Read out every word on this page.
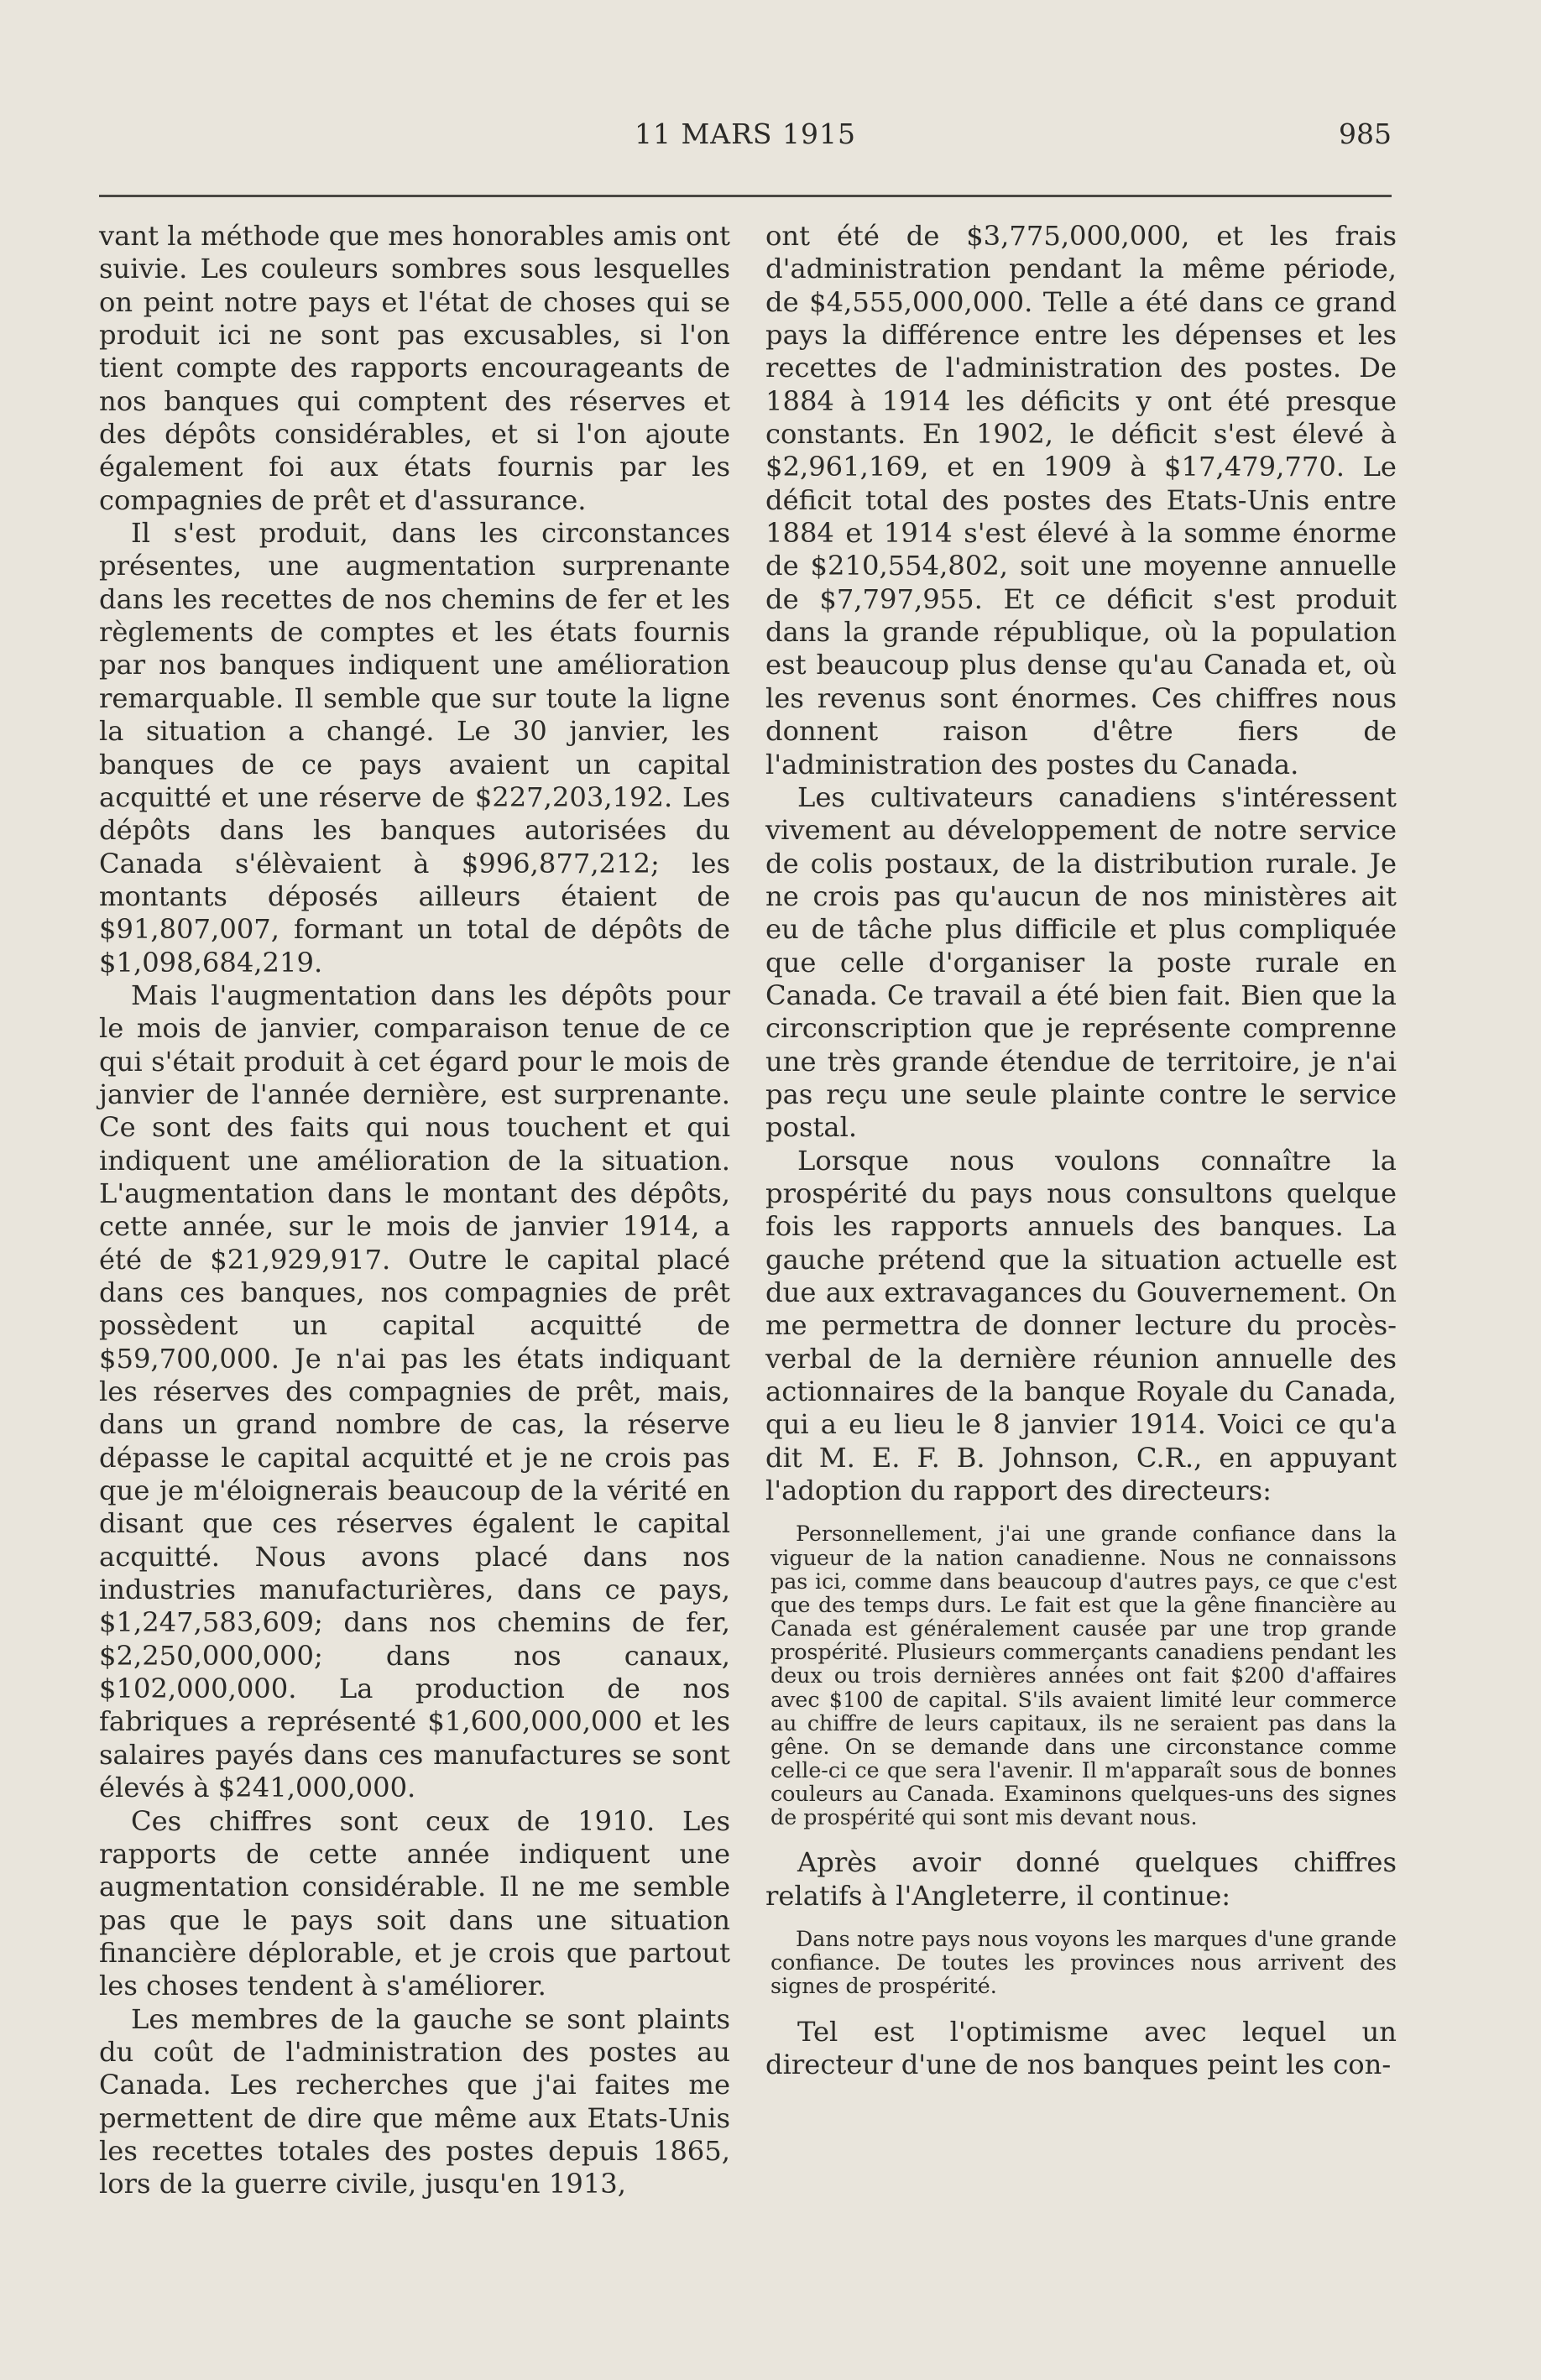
11 MARS 1915	985

vant la méthode que mes honorables amis ont suivie. Les couleurs sombres sous lesquelles on peint notre pays et l'état de choses qui se produit ici ne sont pas excusables, si l'on tient compte des rapports encourageants de nos banques qui comptent des réserves et des dépôts considérables, et si l'on ajoute également foi aux états fournis par les compagnies de prêt et d'assurance.

Il s'est produit, dans les circonstances présentes, une augmentation surprenante dans les recettes de nos chemins de fer et les règlements de comptes et les états fournis par nos banques indiquent une amélioration remarquable. Il semble que sur toute la ligne la situation a changé. Le 30 janvier, les banques de ce pays avaient un capital acquitté et une réserve de $227,203,192. Les dépôts dans les banques autorisées du Canada s'élèvaient à $996,877,212; les montants déposés ailleurs étaient de $91,807,007, formant un total de dépôts de $1,098,684,219.

Mais l'augmentation dans les dépôts pour le mois de janvier, comparaison tenue de ce qui s'était produit à cet égard pour le mois de janvier de l'année dernière, est surprenante. Ce sont des faits qui nous touchent et qui indiquent une amélioration de la situation. L'augmentation dans le montant des dépôts, cette année, sur le mois de janvier 1914, a été de $21,929,917. Outre le capital placé dans ces banques, nos compagnies de prêt possèdent un capital acquitté de $59,700,000. Je n'ai pas les états indiquant les réserves des compagnies de prêt, mais, dans un grand nombre de cas, la réserve dépasse le capital acquitté et je ne crois pas que je m'éloignerais beaucoup de la vérité en disant que ces réserves égalent le capital acquitté. Nous avons placé dans nos industries manufacturières, dans ce pays, $1,247,583,609; dans nos chemins de fer, $2,250,000,000; dans nos canaux, $102,000,000. La production de nos fabriques a représenté $1,600,000,000 et les salaires payés dans ces manufactures se sont élevés à $241,000,000.

Ces chiffres sont ceux de 1910. Les rapports de cette année indiquent une augmentation considérable. Il ne me semble pas que le pays soit dans une situation financière déplorable, et je crois que partout les choses tendent à s'améliorer.

Les membres de la gauche se sont plaints du coût de l'administration des postes au Canada. Les recherches que j'ai faites me permettent de dire que même aux Etats-Unis les recettes totales des postes depuis 1865, lors de la guerre civile, jusqu'en 1913,

ont été de $3,775,000,000, et les frais d'administration pendant la même période, de $4,555,000,000. Telle a été dans ce grand pays la différence entre les dépenses et les recettes de l'administration des postes. De 1884 à 1914 les déficits y ont été presque constants. En 1902, le déficit s'est élevé à $2,961,169, et en 1909 à $17,479,770. Le déficit total des postes des Etats-Unis entre 1884 et 1914 s'est élevé à la somme énorme de $210,554,802, soit une moyenne annuelle de $7,797,955. Et ce déficit s'est produit dans la grande république, où la population est beaucoup plus dense qu'au Canada et, où les revenus sont énormes. Ces chiffres nous donnent raison d'être fiers de l'administration des postes du Canada.

Les cultivateurs canadiens s'intéressent vivement au développement de notre service de colis postaux, de la distribution rurale. Je ne crois pas qu'aucun de nos ministères ait eu de tâche plus difficile et plus compliquée que celle d'organiser la poste rurale en Canada. Ce travail a été bien fait. Bien que la circonscription que je représente comprenne une très grande étendue de territoire, je n'ai pas reçu une seule plainte contre le service postal.

Lorsque nous voulons connaître la prospérité du pays nous consultons quelque fois les rapports annuels des banques. La gauche prétend que la situation actuelle est due aux extravagances du Gouvernement. On me permettra de donner lecture du procès-verbal de la dernière réunion annuelle des actionnaires de la banque Royale du Canada, qui a eu lieu le 8 janvier 1914. Voici ce qu'a dit M. E. F. B. Johnson, C.R., en appuyant l'adoption du rapport des directeurs:

Personnellement, j'ai une grande confiance dans la vigueur de la nation canadienne. Nous ne connaissons pas ici, comme dans beaucoup d'autres pays, ce que c'est que des temps durs. Le fait est que la gêne financière au Canada est généralement causée par une trop grande prospérité. Plusieurs commerçants canadiens pendant les deux ou trois dernières années ont fait $200 d'affaires avec $100 de capital. S'ils avaient limité leur commerce au chiffre de leurs capitaux, ils ne seraient pas dans la gêne. On se demande dans une circonstance comme celle-ci ce que sera l'avenir. Il m'apparaît sous de bonnes couleurs au Canada. Examinons quelques-uns des signes de prospérité qui sont mis devant nous.

Après avoir donné quelques chiffres relatifs à l'Angleterre, il continue:

Dans notre pays nous voyons les marques d'une grande confiance. De toutes les provinces nous arrivent des signes de prospérité.

Tel est l'optimisme avec lequel un directeur d'une de nos banques peint les con-
